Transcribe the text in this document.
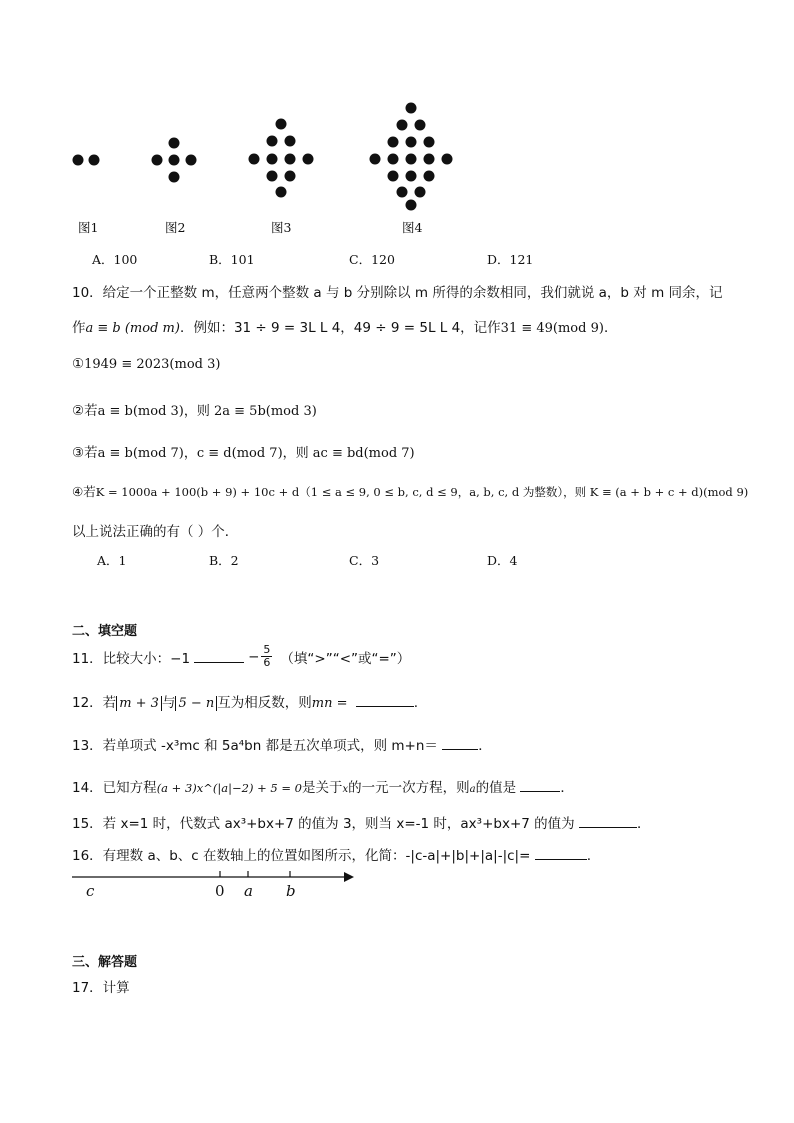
图1	图2	图3	图4
A．100	B．101	C．120	D．121
10．给定一个正整数 m，任意两个整数 a 与 b 分别除以 m 所得的余数相同，我们就说 a，b 对 m 同余，记
作a ≡ b (mod m)．例如：31 ÷ 9 = 3L L 4，49 ÷ 9 = 5L L 4，记作31 ≡ 49(mod 9)．
①1949 ≡ 2023(mod 3)
②若a ≡ b(mod 3)，则 2a ≡ 5b(mod 3)
③若a ≡ b(mod 7)，c ≡ d(mod 7)，则 ac ≡ bd(mod 7)
④若K = 1000a + 100(b + 9) + 10c + d（1 ≤ a ≤ 9, 0 ≤ b, c, d ≤ 9，a, b, c, d 为整数），则 K ≡ (a + b + c + d)(mod 9)
以上说法正确的有（ ）个．
A．1	B．2	C．3	D．4
二、填空题
11．比较大小：−1	− $\frac{5}{6}$ （填“>”“<”或“=”）
12．若 m + 3 与 5 − n 互为相反数，则mn =	.
13．若单项式 -x³mc 和 5a⁴bn 都是五次单项式，则 m+n＝	．
14．已知方程(a + 3)x^(|a|−2) + 5 = 0是关于x的一元一次方程，则a的值是	．
15．若 x=1 时，代数式 ax³+bx+7 的值为 3，则当 x=-1 时，ax³+bx+7 的值为	．
16．有理数 a、b、c 在数轴上的位置如图所示，化简：-|c-a|+|b|+|a|-|c|=	.
c	0 a b
三、解答题
17．计算
